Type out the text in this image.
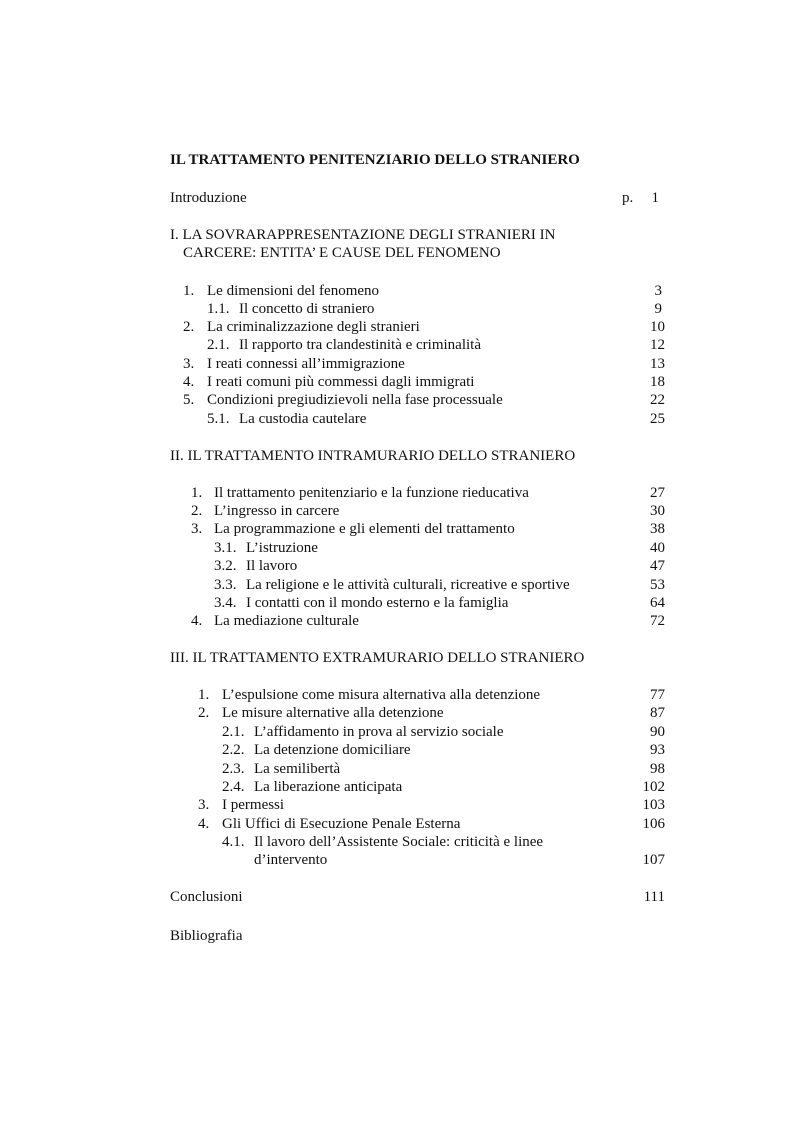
IL TRATTAMENTO PENITENZIARIO DELLO STRANIERO
Introduzione	p.	1
I. LA SOVRARAPPRESENTAZIONE DEGLI STRANIERI IN
CARCERE: ENTITA’ E CAUSE DEL FENOMENO
1. Le dimensioni del fenomeno	3
1.1. Il concetto di straniero	9
2. La criminalizzazione degli stranieri	10
2.1. Il rapporto tra clandestinità e criminalità	12
3. I reati connessi all’immigrazione	13
4. I reati comuni più commessi dagli immigrati	18
5. Condizioni pregiudizievoli nella fase processuale	22
5.1. La custodia cautelare	25
II. IL TRATTAMENTO INTRAMURARIO DELLO STRANIERO
1. Il trattamento penitenziario e la funzione rieducativa	27
2. L’ingresso in carcere	30
3. La programmazione e gli elementi del trattamento	38
3.1. L’istruzione	40
3.2. Il lavoro	47
3.3. La religione e le attività culturali, ricreative e sportive	53
3.4. I contatti con il mondo esterno e la famiglia	64
4. La mediazione culturale	72
III. IL TRATTAMENTO EXTRAMURARIO DELLO STRANIERO
1. L’espulsione come misura alternativa alla detenzione	77
2. Le misure alternative alla detenzione	87
2.1. L’affidamento in prova al servizio sociale	90
2.2. La detenzione domiciliare	93
2.3. La semilibertà	98
2.4. La liberazione anticipata	102
3. I permessi	103
4. Gli Uffici di Esecuzione Penale Esterna	106
4.1. Il lavoro dell’Assistente Sociale: criticità e linee
d’intervento	107
Conclusioni	111
Bibliografia
